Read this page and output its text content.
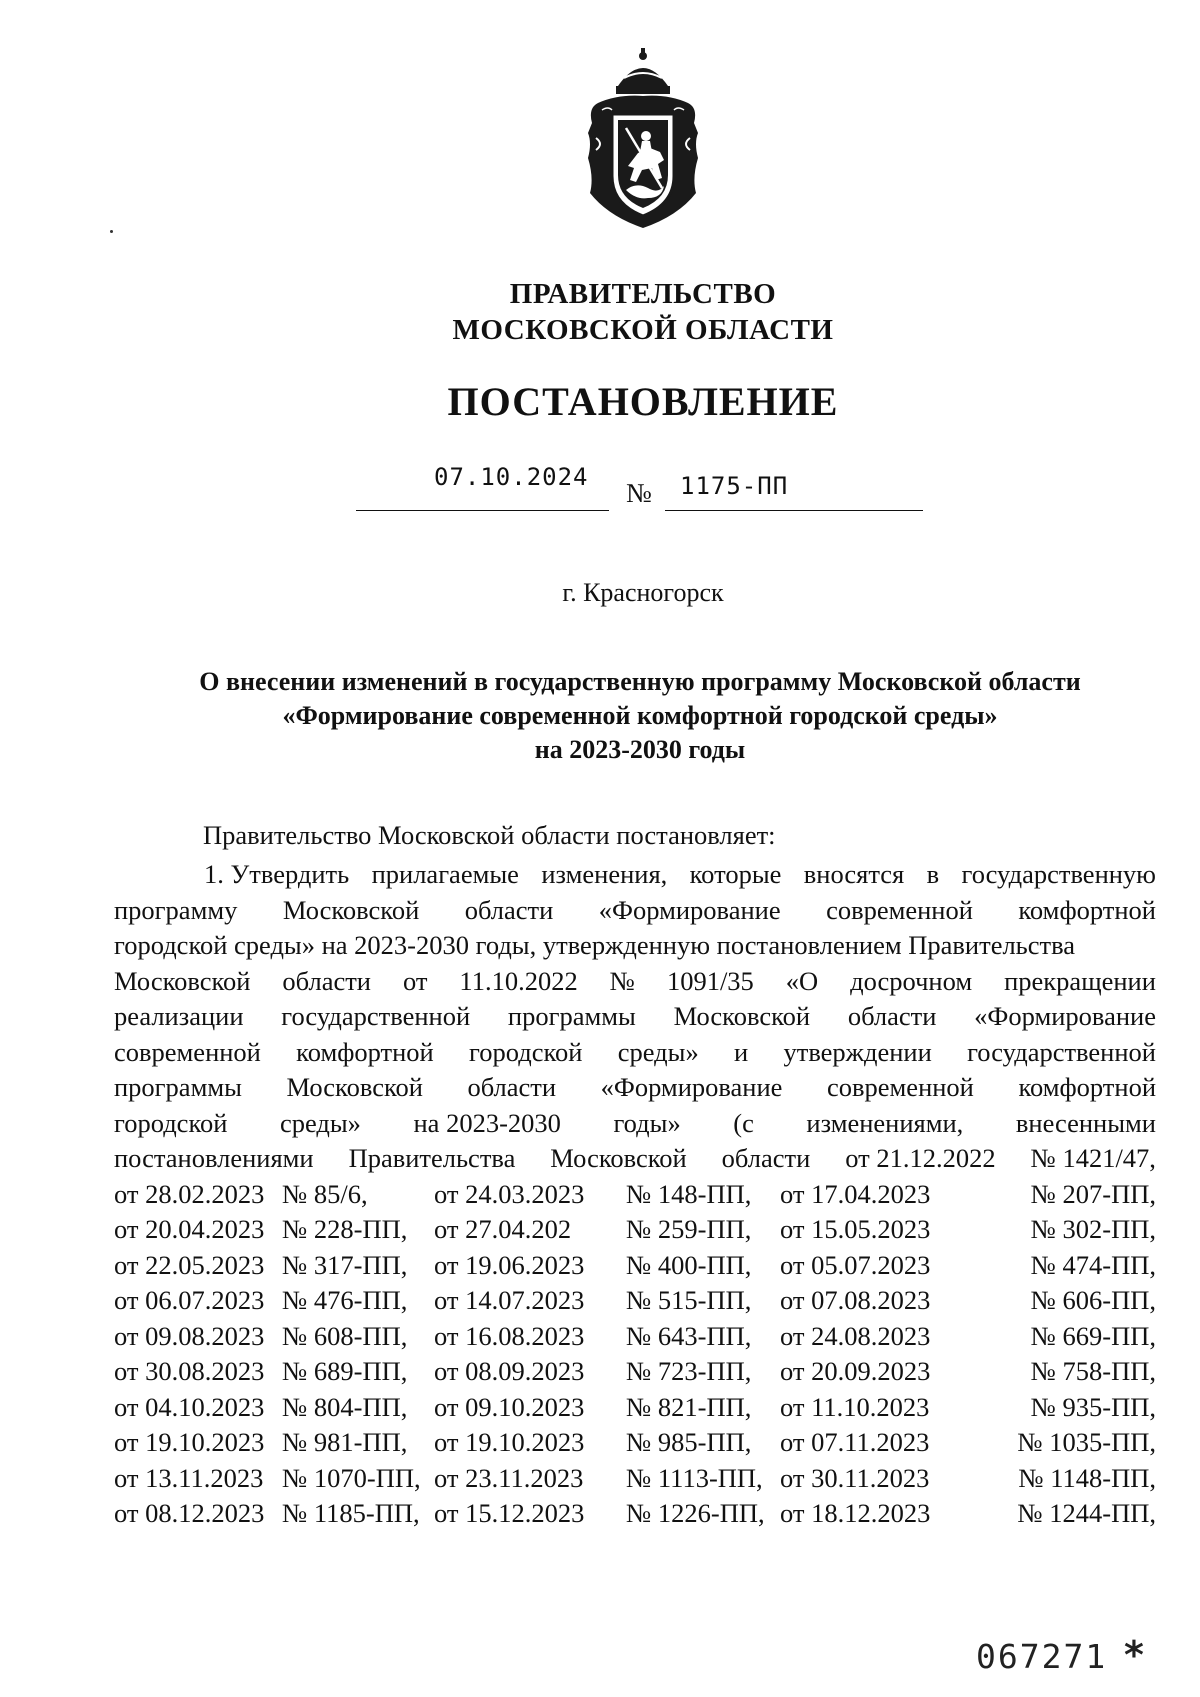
ПРАВИТЕЛЬСТВО
МОСКОВСКОЙ ОБЛАСТИ
ПОСТАНОВЛЕНИЕ
07.10.2024
№ 1175-ПП
г. Красногорск
О внесении изменений в государственную программу Московской области
«Формирование современной комфортной городской среды»
на 2023-2030 годы
Правительство Московской области постановляет:
1. Утвердить прилагаемые изменения, которые вносятся в государственную
программу Московской области «Формирование современной комфортной
городской среды» на 2023-2030 годы, утвержденную постановлением Правительства
Московской области от 11.10.2022 № 1091/35 «О досрочном прекращении
реализации государственной программы Московской области «Формирование
современной комфортной городской среды» и утверждении государственной
программы Московской области «Формирование современной комфортной
городской среды» на 2023-2030 годы» (с изменениями, внесенными
постановлениями Правительства Московской области от 21.12.2022 № 1421/47,
от 28.02.2023 № 85/6,	от 24.03.2023	№ 148-ПП,	от 17.04.2023	№ 207-ПП,
от 20.04.2023 № 228-ПП,	от 27.04.202	№ 259-ПП,	от 15.05.2023	№ 302-ПП,
от 22.05.2023 № 317-ПП,	от 19.06.2023	№ 400-ПП,	от 05.07.2023	№ 474-ПП,
от 06.07.2023 № 476-ПП,	от 14.07.2023	№ 515-ПП,	от 07.08.2023	№ 606-ПП,
от 09.08.2023 № 608-ПП,	от 16.08.2023	№ 643-ПП,	от 24.08.2023	№ 669-ПП,
от 30.08.2023 № 689-ПП,	от 08.09.2023	№ 723-ПП,	от 20.09.2023	№ 758-ПП,
от 04.10.2023 № 804-ПП,	от 09.10.2023	№ 821-ПП,	от 11.10.2023	№ 935-ПП,
от 19.10.2023 № 981-ПП,	от 19.10.2023	№ 985-ПП,	от 07.11.2023	№ 1035-ПП,
от 13.11.2023 № 1070-ПП, от 23.11.2023	№ 1113-ПП, от 30.11.2023	№ 1148-ПП,
от 08.12.2023 № 1185-ПП, от 15.12.2023	№ 1226-ПП, от 18.12.2023	№ 1244-ПП,
067271 *
